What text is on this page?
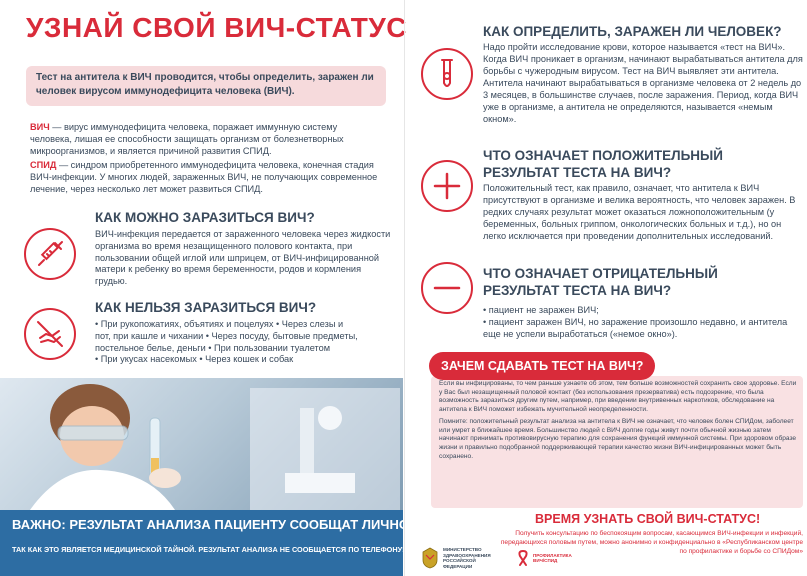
УЗНАЙ СВОЙ ВИЧ-СТАТУС
Тест на антитела к ВИЧ проводится, чтобы определить, заражен ли человек вирусом иммунодефицита человека (ВИЧ).
ВИЧ — вирус иммунодефицита человека, поражает иммунную систему человека, лишая ее способности защищать организм от болезнетворных микроорганизмов, и является причиной развития СПИД.
СПИД — синдром приобретенного иммунодефицита человека, конечная стадия ВИЧ-инфекции. У многих людей, зараженных ВИЧ, не получающих современное лечение, через несколько лет может развиться СПИД.
КАК МОЖНО ЗАРАЗИТЬСЯ ВИЧ?
ВИЧ-инфекция передается от зараженного человека через жидкости организма во время незащищенного полового контакта, при пользовании общей иглой или шприцем, от ВИЧ-инфицированной матери к ребенку во время беременности, родов и кормления грудью.
КАК НЕЛЬЗЯ ЗАРАЗИТЬСЯ ВИЧ?
• При рукопожатиях, объятиях и поцелуях • Через слезы и
пот, при кашле и чихании • Через посуду, бытовые предметы,
постельное белье, деньги • При пользовании туалетом
• При укусах насекомых • Через кошек и собак
ВАЖНО: РЕЗУЛЬТАТ АНАЛИЗА ПАЦИЕНТУ СООБЩАТ ЛИЧНО,
ТАК КАК ЭТО ЯВЛЯЕТСЯ МЕДИЦИНСКОЙ ТАЙНОЙ. РЕЗУЛЬТАТ АНАЛИЗА НЕ СООБЩАЕТСЯ ПО ТЕЛЕФОНУ!
КАК ОПРЕДЕЛИТЬ, ЗАРАЖЕН ЛИ ЧЕЛОВЕК?
Надо пройти исследование крови, которое называется «тест на ВИЧ». Когда ВИЧ проникает в организм, начинают вырабатываться антитела для борьбы с чужеродным вирусом. Тест на ВИЧ выявляет эти антитела. Антитела начинают вырабатываться в организме человека от 2 недель до 3 месяцев, в большинстве случаев, после заражения. Период, когда ВИЧ уже в организме, а антитела не определяются, называется «немым окном».
ЧТО ОЗНАЧАЕТ ПОЛОЖИТЕЛЬНЫЙ
РЕЗУЛЬТАТ ТЕСТА НА ВИЧ?
Положительный тест, как правило, означает, что антитела к ВИЧ присутствуют в организме и велика вероятность, что человек заражен. В редких случаях результат может оказаться ложноположительным (у беременных, больных гриппом, онкологических больных и т.д.), но он легко исключается при проведении дополнительных исследований.
ЧТО ОЗНАЧАЕТ ОТРИЦАТЕЛЬНЫЙ
РЕЗУЛЬТАТ ТЕСТА НА ВИЧ?
• пациент не заражен ВИЧ;
• пациент заражен ВИЧ, но заражение произошло недавно, и антитела еще не успели выработаться («немое окно»).
ЗАЧЕМ СДАВАТЬ ТЕСТ НА ВИЧ?
Если вы инфицированы, то чем раньше узнаете об этом, тем больше возможностей сохранить свое здоровье. Если у Вас был незащищенный половой контакт (без использования презерватива) есть подозрение, что была возможность заразиться другим путем, например, при введении внутривенных наркотиков, обследование на антитела к ВИЧ поможет избежать мучительной неопределенности.
Помните: положительный результат анализа на антитела к ВИЧ не означает, что человек болен СПИДом, заболеет или умрет в ближайшее время. Большинство людей с ВИЧ долгие годы живут почти обычной жизнью затем начинают принимать противовирусную терапию для сохранения функций иммунной системы. При здоровом образе жизни и правильно подобранной поддерживающей терапии качество жизни ВИЧ-инфицированных может быть сохранено.
ВРЕМЯ УЗНАТЬ СВОЙ ВИЧ-СТАТУС!
Получить консультацию по беспокоящим вопросам, касающимся ВИЧ-инфекции и инфекций,
передающихся половым путем, можно анонимно и конфиденциально в «Республиканском центре
по профилактике и борьбе со СПИДом»
МИНИСТЕРСТВО ЗДРАВООХРАНЕНИЯ РОССИЙСКОЙ ФЕДЕРАЦИИ
ПРОФИЛАКТИКА
ВИЧ/СПИД
